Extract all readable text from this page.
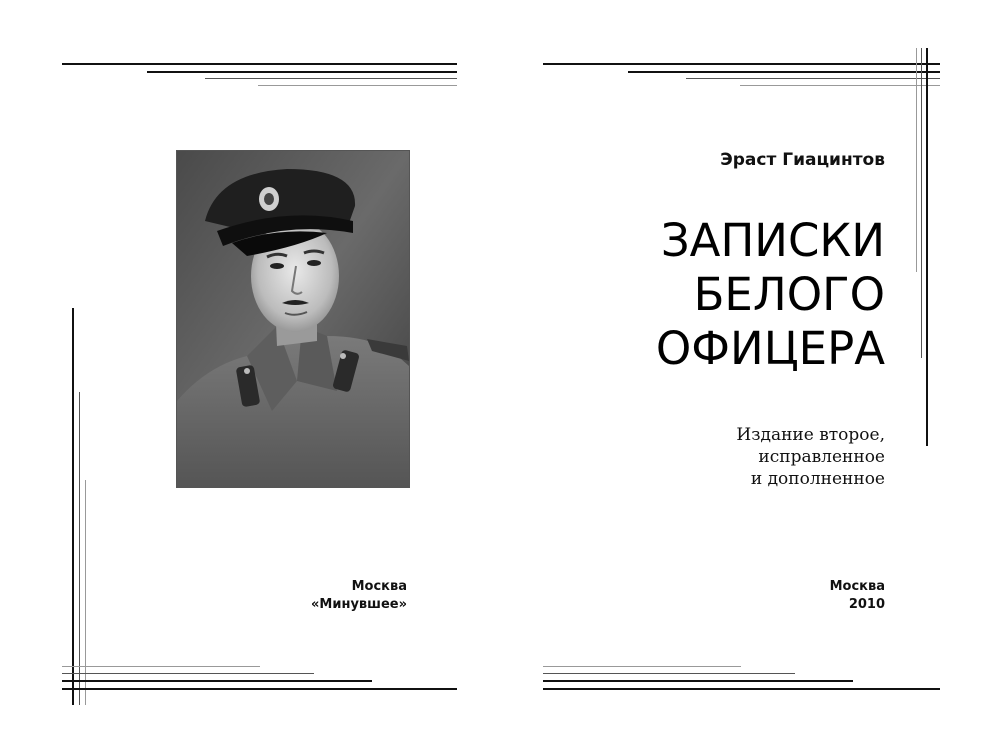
Москва
«Минувшее»
Эраст Гиацинтов
ЗАПИСКИ
БЕЛОГО
ОФИЦЕРА
Издание второе,
исправленное
и дополненное
Москва
2010
